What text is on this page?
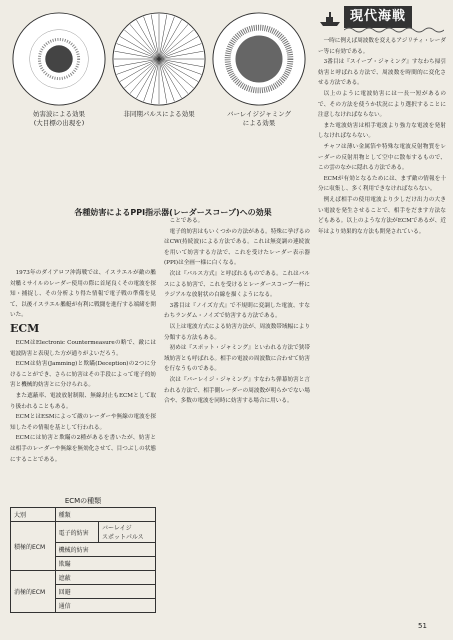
現代海戦
妨害波による効果
(大目標の出現を)
非同期パルスによる効果	バーレイジジャミング
による効果
各種妨害によるPPI指示器(レーダースコープ)への効果

1973年のダイアロフ沖海戦では、イスラエルが敵の艦対艦ミサイルのレーダー使用の際に首尾良くその電波を探知・捕捉し、その分析より得た情報で電子戦の準備を見て、以後イスラエル艦艇が有利に戦闘を進行する端緒を開いた。

ECM

ECMはElectronic Countermeasureの略で、敵には電波防害と表現した方が通りがよいだろう。

ECMは妨害(Jamming)と欺瞞(Deception)の2つに分けることができ、さらに妨害はその手段によって電子的妨害と機械的妨害とに分けられる。

また遮蔽率、電波放射制限、無線封止もECMとして取り扱われることもある。

ECMとはESMによって敵のレーダーや無線の電波を探知したその情報を基として行われる。

ECMには妨害と欺瞞の2種があるを書いたが、妨害とは相手のレーダーや無線を無効化させて、目つぶしの状態にすることである。

ECMの種類
大別	種類	
積極的ECM	電子的妨害	バーレイジ
スポットパルス
	機械的妨害	
	欺瞞	
消極的ECM	遮蔽	
	回避	
	通信	

ことである。

電子的妨害はもいくつかの方法がある。特殊に挙げるのはCW(持続波)による方法である。これは無変調の連続波を用いて妨害する方法で、これを受けたレーダー表示器(PPI)は全画一様に白くなる。

次は『バルス方式』と呼ばれるものである。これはバルスによる妨害で、これを受けるとレーダースコープ一杯にラジアルな放射状の白線を描くようになる。

3番目は『ノイズ方式』で不規則に変調した電波、すなわちランダム・ノイズで妨害する方法である。

以上は電波方式による妨害方法が、周波数帯域幅により分類する方法もある。

初めは『スポット・ジャミング』といわれる方法で狭帯域妨害とも呼ばれる。相手の電波の周波数に合わせて妨害を行なうものである。

次は『バーレイジ・ジャミング』すなわち弾幕妨害と言われる方法で、相手側レーダーの周波数が明らかでない場合や、多数の電波を同時に妨害する場合に用いる。

一時に例えば周波数を変えるアジリティ・レーダー等に有効である。

3番目は『スイープ・ジャミング』すなわち掃引妨害と呼ばれる方法で、周波数を時間的に変化させる方法である。

以上のように電波妨害には一長一短があるので、その方法を使うか状況により選択することに注意しなければならない。

また電波妨害は相手電波より強力な電波を発射しなければならない。

チャフは薄い金属箔や特殊な電波反射物質をレーダーの反射用物として空中に散布するもので、この雲のなかに隠れる方法である。

ECMが有効となるためには、まず敵の情報を十分に収集し、多く利用できなければならない。

例えば相手の使用電波より少しだけ出力の大きい電波を発生させることで、相手をだます方法などもある。以上のような方法がECMであるが、近年はより効果的な方法も開発されている。

51
